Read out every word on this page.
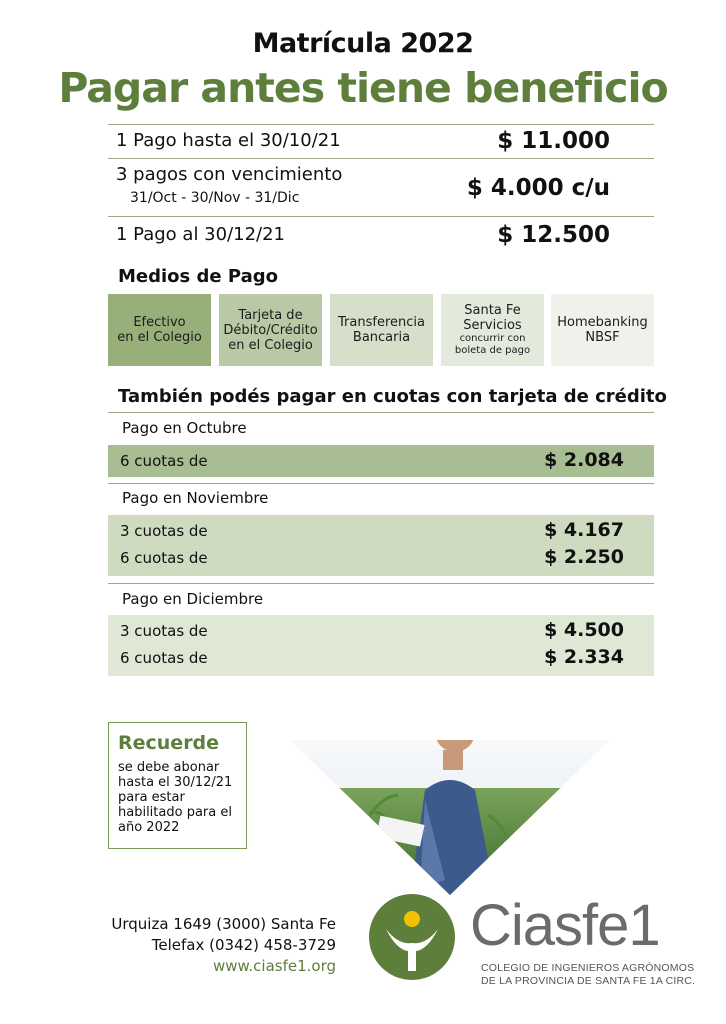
Matrícula 2022
Pagar antes tiene beneficio
1 Pago hasta el 30/10/21	$ 11.000
3 pagos con vencimiento
31/Oct - 30/Nov - 31/Dic	$ 4.000 c/u
1 Pago al 30/12/21	$ 12.500
Medios de Pago
Efectivo
en el Colegio
Tarjeta de
Débito/Crédito
en el Colegio
Transferencia
Bancaria
Santa Fe
Servicios
concurrir con boleta de pago
Homebanking
NBSF
También podés pagar en cuotas con tarjeta de crédito
Pago en Octubre
6 cuotas de	$ 2.084
Pago en Noviembre
3 cuotas de	$ 4.167
6 cuotas de	$ 2.250
Pago en Diciembre
3 cuotas de	$ 4.500
6 cuotas de	$ 2.334
Recuerde
se debe abonar
hasta el 30/12/21
para estar
habilitado para el
año 2022
Urquiza 1649 (3000) Santa Fe
Telefax (0342) 458-3729
www.ciasfe1.org
Ciasfe1
COLEGIO DE INGENIEROS AGRÓNOMOS
DE LA PROVINCIA DE SANTA FE 1A CIRC.
